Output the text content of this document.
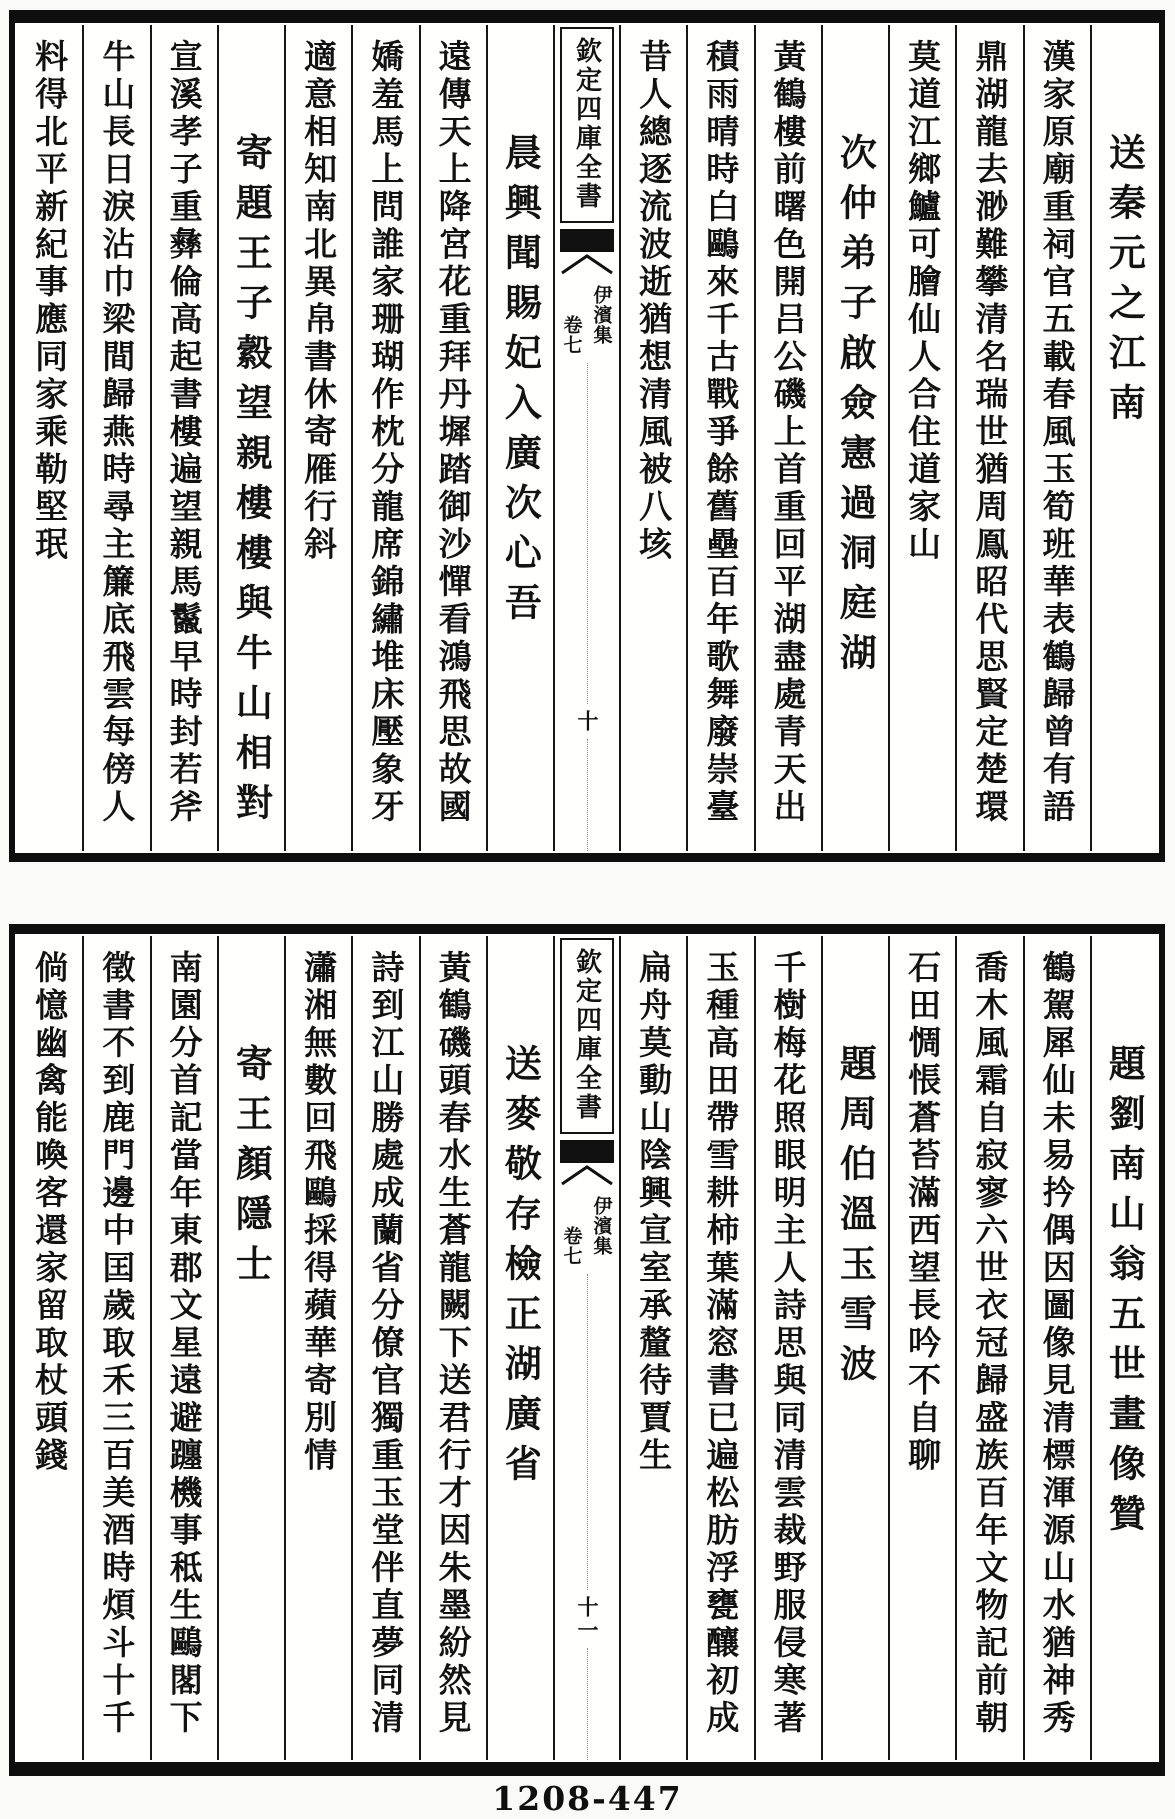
送秦元之江南
漢家原廟重祠官五載春風玉筍班華表鶴歸曾有語
鼎湖龍去渺難攀清名瑞世猶周鳯昭代思賢定楚環
莫道江鄉鱸可膾仙人合住道家山
次仲弟子啟僉憲過洞庭湖
黃鶴樓前曙色開吕公磯上首重回平湖盡處青天出
積雨晴時白鷗來千古戰爭餘舊壘百年歌舞廢崇臺
昔人總逐流波逝猶想清風被八垓
欽定四庫全書
伊濱集
卷七
十
晨興聞賜妃入廣次心吾
遠傳天上降宮花重拜丹墀踏御沙憚看鴻飛思故國
嬌羞馬上問誰家珊瑚作枕分龍席錦繡堆床壓象牙
適意相知南北異帛書休寄雁行斜
寄題王子縠望親樓樓與牛山相對
宣溪孝子重彝倫高起書樓遍望親馬鬣早時封若斧
牛山長日淚沾巾梁間歸燕時尋主簾底飛雲每傍人
料得北平新紀事應同家乘勒堅珉
題劉南山翁五世畫像贊
鶴駕犀仙未易扲偶因圖像見清標渾源山水猶神秀
喬木風霜自寂寥六世衣冠歸盛族百年文物記前朝
石田惆悵蒼苔滿西望長吟不自聊
題周伯溫玉雪波
千樹梅花照眼明主人詩思與同清雲裁野服侵寒著
玉種高田帶雪耕柿葉滿窓書已遍松肪浮甕釀初成
扁舟莫動山陰興宣室承釐待賈生
欽定四庫全書
伊濱集
卷七
十一
送麥敬存檢正湖廣省
黃鶴磯頭春水生蒼龍闕下送君行才因朱墨紛然見
詩到江山勝處成蘭省分僚官獨重玉堂伴直夢同清
瀟湘無數回飛鷗採得蘋華寄別情
寄王顏隱士
南園分首記當年東郡文星遠避躔機事秪生鷗閣下
徵書不到鹿門邊中囯歲取禾三百美酒時煩斗十千
倘憶幽禽能喚客還家留取杖頭錢
1208-447
